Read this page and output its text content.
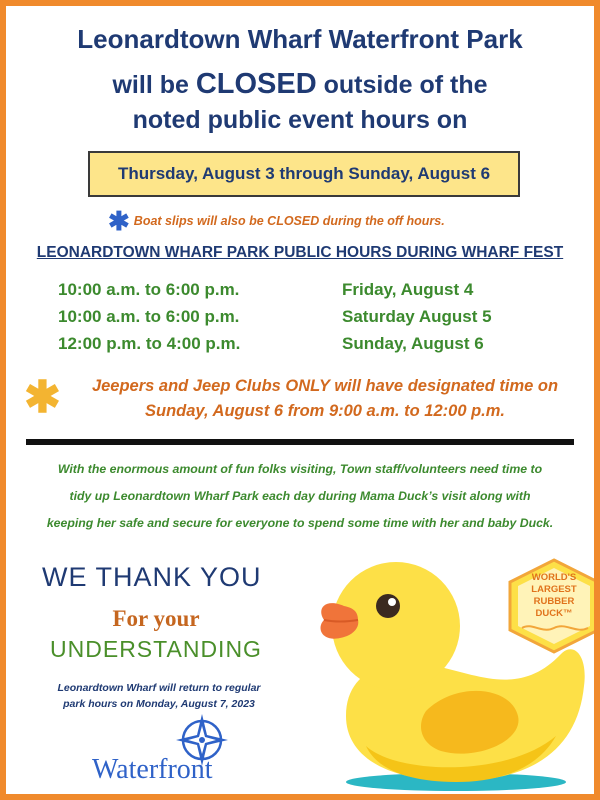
Leonardtown Wharf Waterfront Park
will be CLOSED outside of the
noted public event hours on
Thursday, August 3 through Sunday, August 6
✱ Boat slips will also be CLOSED during the off hours.
LEONARDTOWN WHARF PARK PUBLIC HOURS DURING WHARF FEST
10:00 a.m. to 6:00 p.m.
10:00 a.m. to 6:00 p.m.
12:00 p.m. to 4:00 p.m.
Friday, August 4
Saturday August 5
Sunday, August 6
✱	Jeepers and Jeep Clubs ONLY will have designated time on
Sunday, August 6 from 9:00 a.m. to 12:00 p.m.
With the enormous amount of fun folks visiting, Town staff/volunteers need time to
tidy up Leonardtown Wharf Park each day during Mama Duck’s visit along with
keeping her safe and secure for everyone to spend some time with her and baby Duck.
WE THANK YOU
For your
UNDERSTANDING
Leonardtown Wharf will return to regular
park hours on Monday, August 7, 2023
Waterfront
WORLD'S
LARGEST
RUBBER
DUCK™
